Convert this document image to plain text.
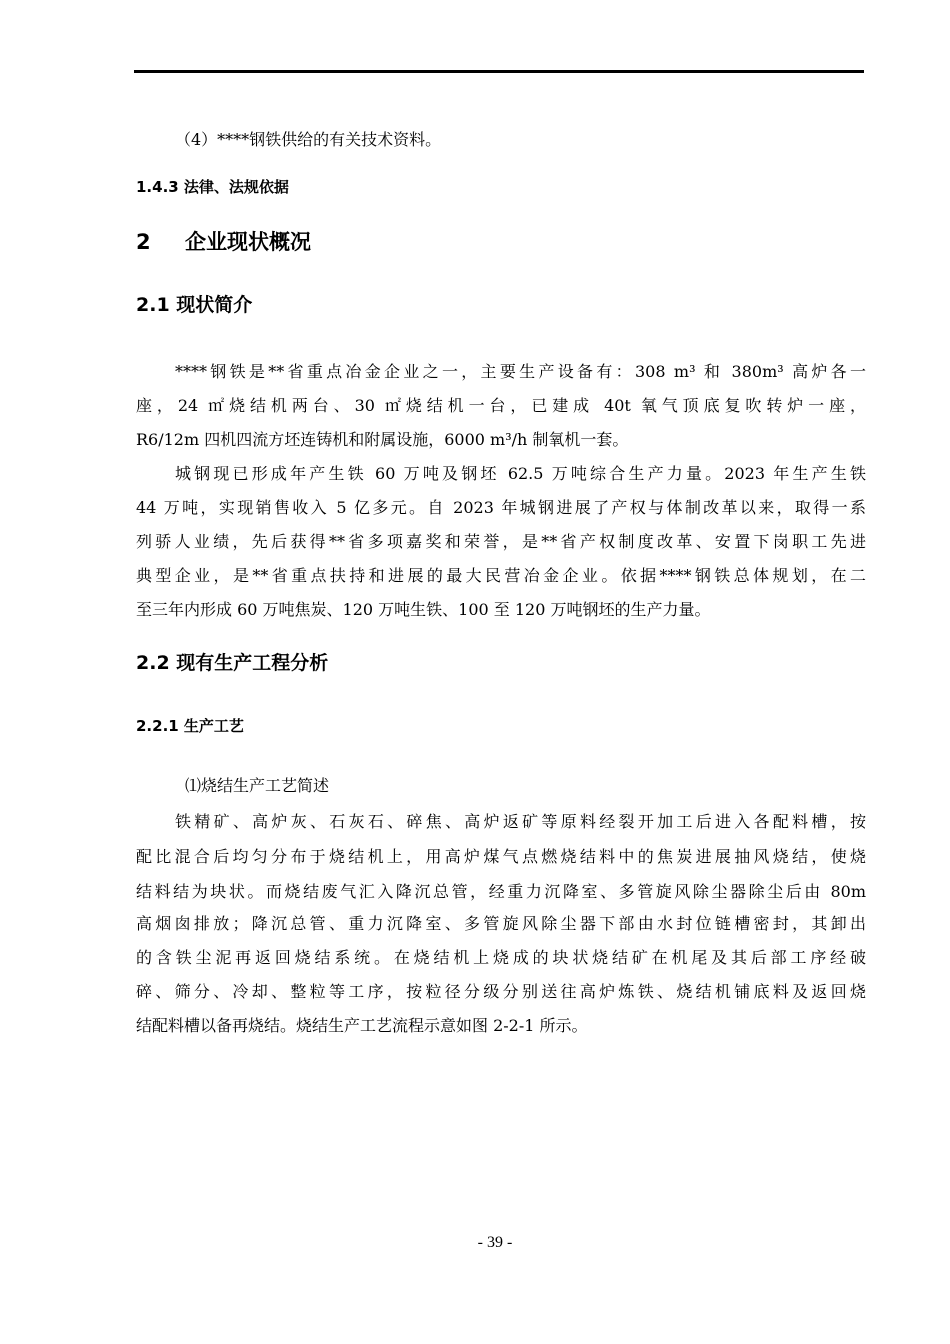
（4）****钢铁供给的有关技术资料。
1.4.3 法律、法规依据
2 企业现状概况
2.1 现状简介
****钢铁是**省重点冶金企业之一，主要生产设备有：308 m³ 和 380m³ 高炉各一
座，24 ㎡烧结机两台、30 ㎡烧结机一台，已建成 40t 氧气顶底复吹转炉一座，
R6/12m 四机四流方坯连铸机和附属设施，6000 m³/h 制氧机一套。
城钢现已形成年产生铁 60 万吨及钢坯 62.5 万吨综合生产力量。2023 年生产生铁
44 万吨，实现销售收入 5 亿多元。自 2023 年城钢进展了产权与体制改革以来，取得一系
列骄人业绩，先后获得**省多项嘉奖和荣誉，是**省产权制度改革、安置下岗职工先进
典型企业，是**省重点扶持和进展的最大民营冶金企业。依据****钢铁总体规划，在二
至三年内形成 60 万吨焦炭、120 万吨生铁、100 至 120 万吨钢坯的生产力量。
2.2 现有生产工程分析
2.2.1 生产工艺
⑴烧结生产工艺简述
铁精矿、高炉灰、石灰石、碎焦、高炉返矿等原料经裂开加工后进入各配料槽，按
配比混合后均匀分布于烧结机上，用高炉煤气点燃烧结料中的焦炭进展抽风烧结，使烧
结料结为块状。而烧结废气汇入降沉总管，经重力沉降室、多管旋风除尘器除尘后由 80m
高烟囱排放；降沉总管、重力沉降室、多管旋风除尘器下部由水封位链槽密封，其卸出
的含铁尘泥再返回烧结系统。在烧结机上烧成的块状烧结矿在机尾及其后部工序经破
碎、筛分、冷却、整粒等工序，按粒径分级分别送往高炉炼铁、烧结机铺底料及返回烧
结配料槽以备再烧结。烧结生产工艺流程示意如图 2-2-1 所示。
- 39 -
